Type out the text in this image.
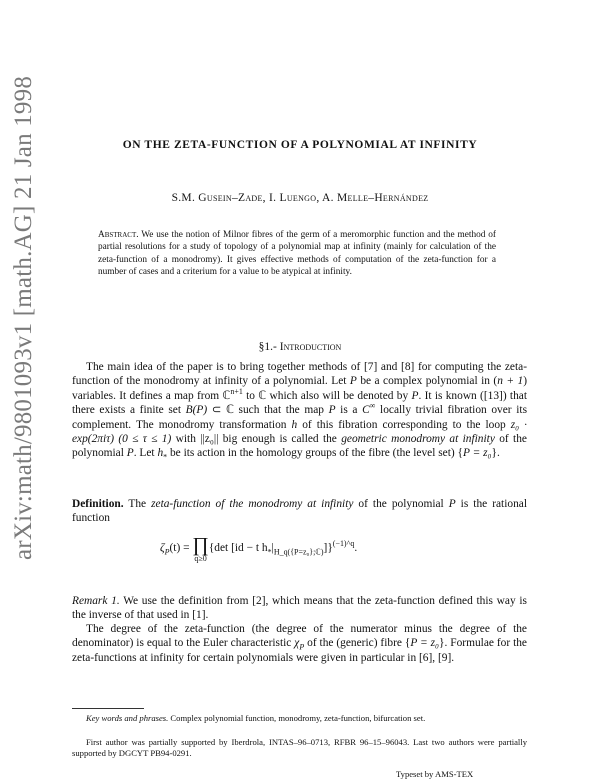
arXiv:math/9801093v1 [math.AG] 21 Jan 1998	ON THE ZETA-FUNCTION OF A POLYNOMIAL AT INFINITY
S.M. Gusein–Zade, I. Luengo, A. Melle–Hernández
Abstract. We use the notion of Milnor fibres of the germ of a meromorphic function and the method of partial resolutions for a study of topology of a polynomial map at infinity (mainly for calculation of the zeta-function of a monodromy). It gives effective methods of computation of the zeta-function for a number of cases and a criterium for a value to be atypical at infinity.
§1.- Introduction
The main idea of the paper is to bring together methods of [7] and [8] for computing the zeta-function of the monodromy at infinity of a polynomial. Let P be a complex polynomial in (n + 1) variables. It defines a map from ℂ$^{n+1}$ to ℂ which also will be denoted by P. It is known ([13]) that there exists a finite set B(P) ⊂ ℂ such that the map P is a C∞ locally trivial fibration over its complement. The monodromy transformation h of this fibration corresponding to the loop z₀ · exp(2πiτ) (0 ≤ τ ≤ 1) with ||z₀|| big enough is called the geometric monodromy at infinity of the polynomial P. Let $h_*$ be its action in the homology groups of the fibre (the level set) {P = z₀}.
Definition. The zeta-function of the monodromy at infinity of the polynomial P is the rational function
$\zeta_P(t)$ = ∏
q≥0
{det [id − t $h_*|_{H\_q(\{P=z_0\};ℂ)}]\}^{(-1)\^{}q}$.
Remark 1. We use the definition from [2], which means that the zeta-function defined this way is the inverse of that used in [1].
The degree of the zeta-function (the degree of the numerator minus the degree of the denominator) is equal to the Euler characteristic $\chi_P$ of the (generic) fibre {P = z₀}. Formulae for the zeta-functions at infinity for certain polynomials were given in particular in [6], [9].
Key words and phrases. Complex polynomial function, monodromy, zeta-function, bifurcation set.
First author was partially supported by Iberdrola, INTAS–96–0713, RFBR 96–15–96043. Last two authors were partially supported by DGCYT PB94-0291.
Typeset by AMS-TEX
